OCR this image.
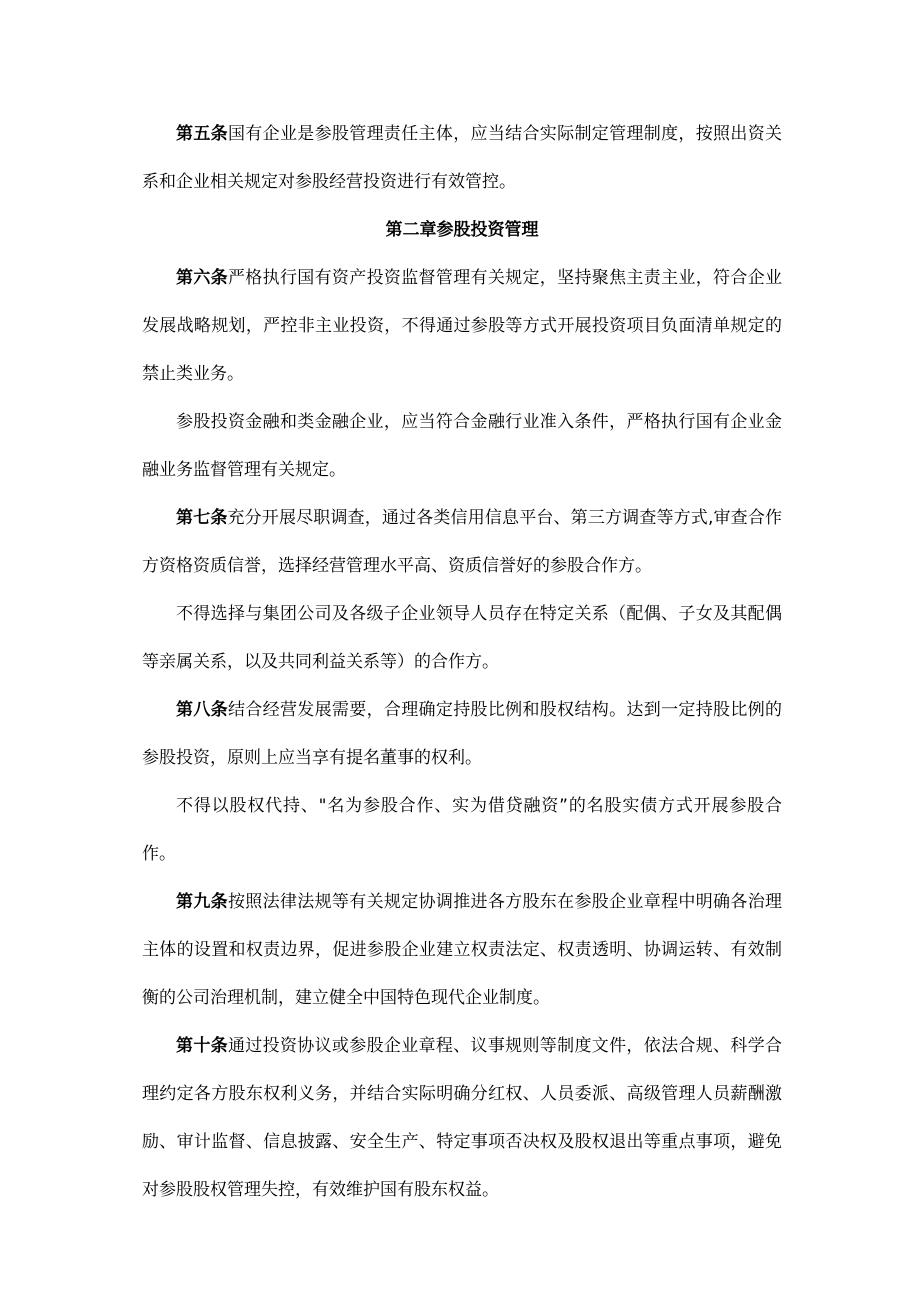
第五条国有企业是参股管理责任主体，应当结合实际制定管理制度，按照出资关系和企业相关规定对参股经营投资进行有效管控。

第二章参股投资管理

第六条严格执行国有资产投资监督管理有关规定，坚持聚焦主责主业，符合企业发展战略规划，严控非主业投资，不得通过参股等方式开展投资项目负面清单规定的禁止类业务。

参股投资金融和类金融企业，应当符合金融行业准入条件，严格执行国有企业金融业务监督管理有关规定。

第七条充分开展尽职调查，通过各类信用信息平台、第三方调查等方式,审查合作方资格资质信誉，选择经营管理水平高、资质信誉好的参股合作方。

不得选择与集团公司及各级子企业领导人员存在特定关系（配偶、子女及其配偶等亲属关系，以及共同利益关系等）的合作方。

第八条结合经营发展需要，合理确定持股比例和股权结构。达到一定持股比例的参股投资，原则上应当享有提名董事的权利。

不得以股权代持、"名为参股合作、实为借贷融资”的名股实债方式开展参股合作。

第九条按照法律法规等有关规定协调推进各方股东在参股企业章程中明确各治理主体的设置和权责边界，促进参股企业建立权责法定、权责透明、协调运转、有效制衡的公司治理机制，建立健全中国特色现代企业制度。

第十条通过投资协议或参股企业章程、议事规则等制度文件，依法合规、科学合理约定各方股东权利义务，并结合实际明确分红权、人员委派、高级管理人员薪酬激励、审计监督、信息披露、安全生产、特定事项否决权及股权退出等重点事项，避免对参股股权管理失控，有效维护国有股东权益。
